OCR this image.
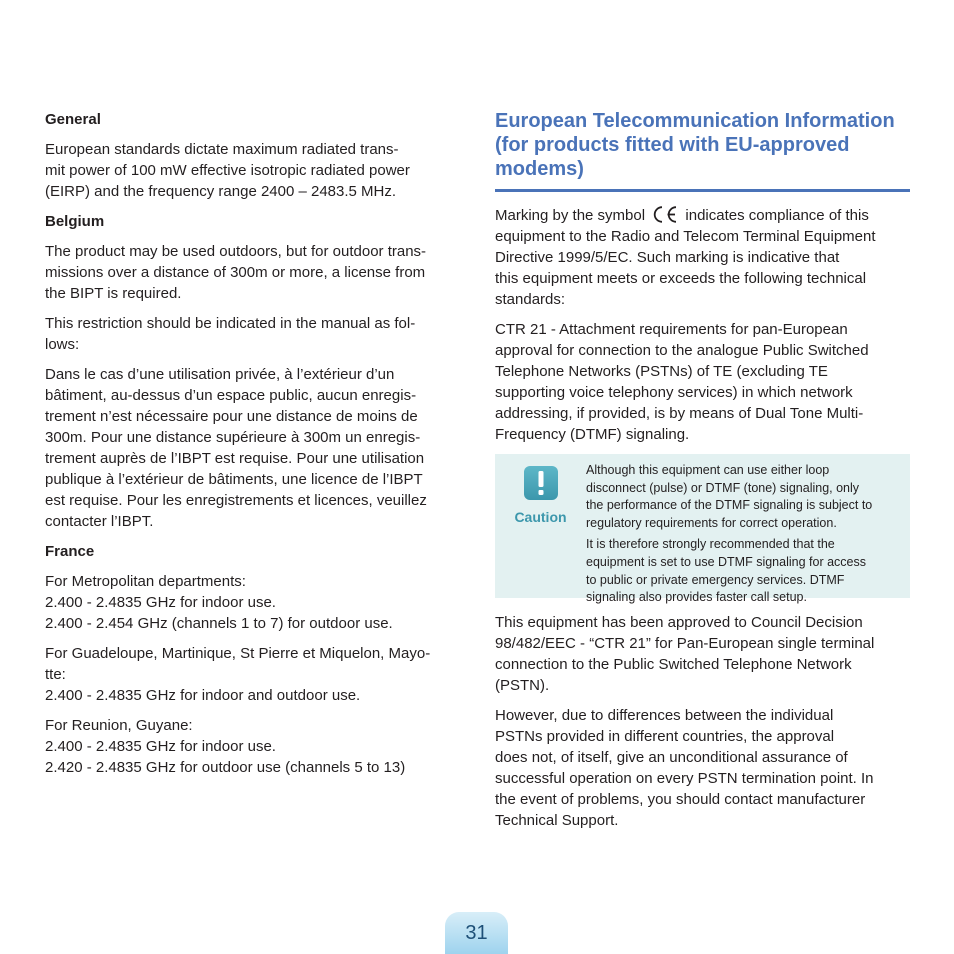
General
European standards dictate maximum radiated trans-
mit power of 100 mW effective isotropic radiated power
(EIRP) and the frequency range 2400 – 2483.5 MHz.
Belgium
The product may be used outdoors, but for outdoor trans-
missions over a distance of 300m or more, a license from
the BIPT is required.
This restriction should be indicated in the manual as fol-
lows:
Dans le cas d’une utilisation privée, à l’extérieur d’un
bâtiment, au-dessus d’un espace public, aucun enregis-
trement n’est nécessaire pour une distance de moins de
300m. Pour une distance supérieure à 300m un enregis-
trement auprès de l’IBPT est requise. Pour une utilisation
publique à l’extérieur de bâtiments, une licence de l’IBPT
est requise. Pour les enregistrements et licences, veuillez
contacter l’IBPT.
France
For Metropolitan departments:
2.400 - 2.4835 GHz for indoor use.
2.400 - 2.454 GHz (channels 1 to 7) for outdoor use.
For Guadeloupe, Martinique, St Pierre et Miquelon, Mayo-
tte:
2.400 - 2.4835 GHz for indoor and outdoor use.
For Reunion, Guyane:
2.400 - 2.4835 GHz for indoor use.
2.420 - 2.4835 GHz for outdoor use (channels 5 to 13)
European Telecommunication Information
(for products fitted with EU-approved
modems)
Marking by the symbol	indicates compliance of this
equipment to the Radio and Telecom Terminal Equipment
Directive 1999/5/EC. Such marking is indicative that
this equipment meets or exceeds the following technical
standards:
CTR 21 - Attachment requirements for pan-European
approval for connection to the analogue Public Switched
Telephone Networks (PSTNs) of TE (excluding TE
supporting voice telephony services) in which network
addressing, if provided, is by means of Dual Tone Multi-
Frequency (DTMF) signaling.
Caution
Although this equipment can use either loop
disconnect (pulse) or DTMF (tone) signaling, only
the performance of the DTMF signaling is subject to
regulatory requirements for correct operation.
It is therefore strongly recommended that the
equipment is set to use DTMF signaling for access
to public or private emergency services. DTMF
signaling also provides faster call setup.
This equipment has been approved to Council Decision
98/482/EEC - “CTR 21” for Pan-European single terminal
connection to the Public Switched Telephone Network
(PSTN).
However, due to differences between the individual
PSTNs provided in different countries, the approval
does not, of itself, give an unconditional assurance of
successful operation on every PSTN termination point. In
the event of problems, you should contact manufacturer
Technical Support.
31
